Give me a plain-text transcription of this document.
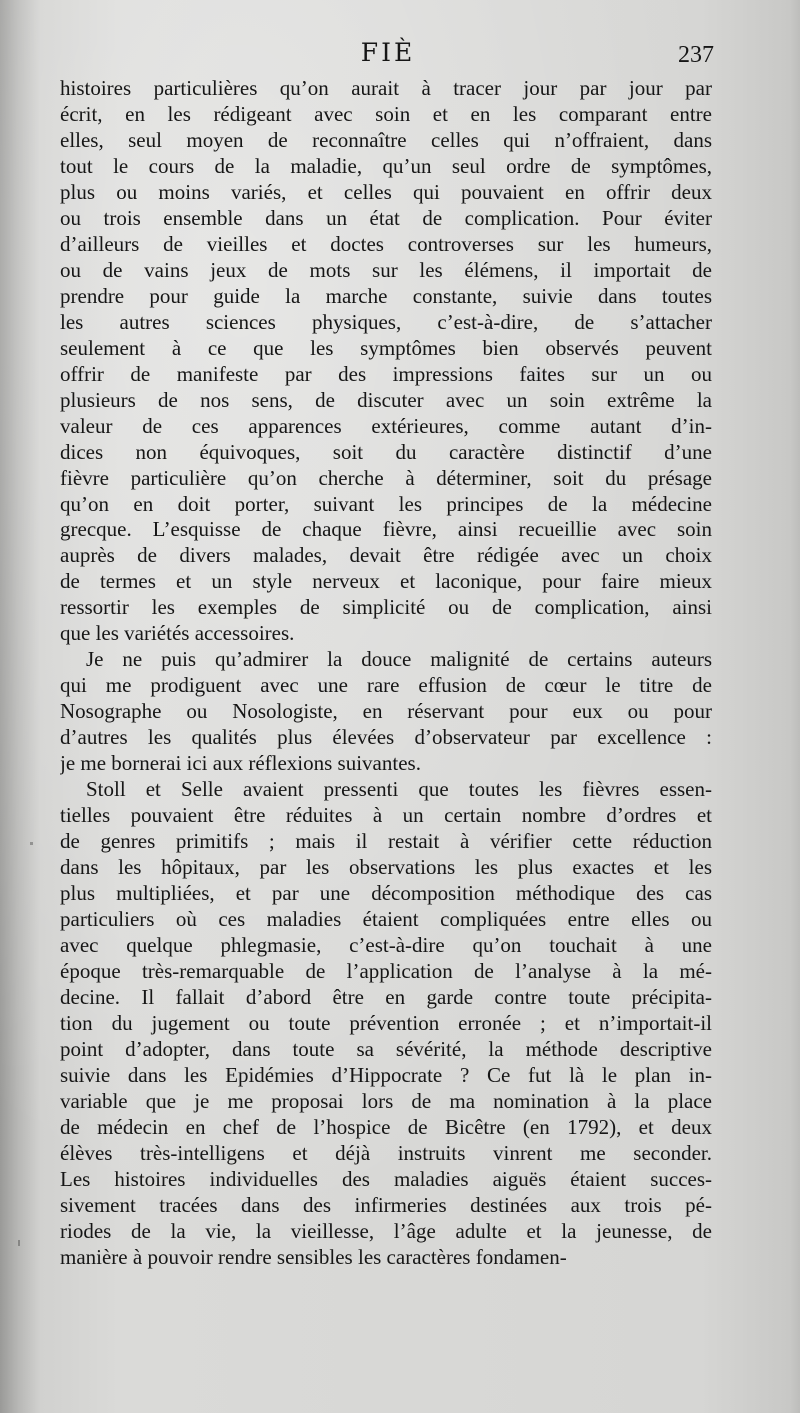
FIÈ	237
histoires particulières qu’on aurait à tracer jour par jour par
écrit, en les rédigeant avec soin et en les comparant entre
elles, seul moyen de reconnaître celles qui n’offraient, dans
tout le cours de la maladie, qu’un seul ordre de symptômes,
plus ou moins variés, et celles qui pouvaient en offrir deux
ou trois ensemble dans un état de complication. Pour éviter
d’ailleurs de vieilles et doctes controverses sur les humeurs,
ou de vains jeux de mots sur les élémens, il importait de
prendre pour guide la marche constante, suivie dans toutes
les autres sciences physiques, c’est-à-dire, de s’attacher
seulement à ce que les symptômes bien observés peuvent
offrir de manifeste par des impressions faites sur un ou
plusieurs de nos sens, de discuter avec un soin extrême la
valeur de ces apparences extérieures, comme autant d’in-
dices non équivoques, soit du caractère distinctif d’une
fièvre particulière qu’on cherche à déterminer, soit du présage
qu’on en doit porter, suivant les principes de la médecine
grecque. L’esquisse de chaque fièvre, ainsi recueillie avec soin
auprès de divers malades, devait être rédigée avec un choix
de termes et un style nerveux et laconique, pour faire mieux
ressortir les exemples de simplicité ou de complication, ainsi
que les variétés accessoires.
Je ne puis qu’admirer la douce malignité de certains auteurs
qui me prodiguent avec une rare effusion de cœur le titre de
Nosographe ou Nosologiste, en réservant pour eux ou pour
d’autres les qualités plus élevées d’observateur par excellence :
je me bornerai ici aux réflexions suivantes.
Stoll et Selle avaient pressenti que toutes les fièvres essen-
tielles pouvaient être réduites à un certain nombre d’ordres et
de genres primitifs ; mais il restait à vérifier cette réduction
dans les hôpitaux, par les observations les plus exactes et les
plus multipliées, et par une décomposition méthodique des cas
particuliers où ces maladies étaient compliquées entre elles ou
avec quelque phlegmasie, c’est-à-dire qu’on touchait à une
époque très-remarquable de l’application de l’analyse à la mé-
decine. Il fallait d’abord être en garde contre toute précipita-
tion du jugement ou toute prévention erronée ; et n’importait-il
point d’adopter, dans toute sa sévérité, la méthode descriptive
suivie dans les Epidémies d’Hippocrate ? Ce fut là le plan in-
variable que je me proposai lors de ma nomination à la place
de médecin en chef de l’hospice de Bicêtre (en 1792), et deux
élèves très-intelligens et déjà instruits vinrent me seconder.
Les histoires individuelles des maladies aiguës étaient succes-
sivement tracées dans des infirmeries destinées aux trois pé-
riodes de la vie, la vieillesse, l’âge adulte et la jeunesse, de
manière à pouvoir rendre sensibles les caractères fondamen-
